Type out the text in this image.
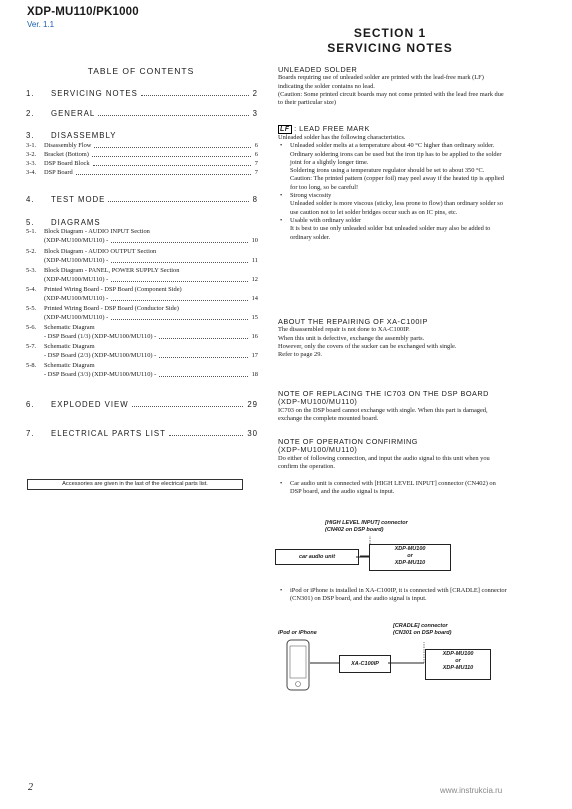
XDP-MU110/PK1000
Ver. 1.1
SECTION 1
SERVICING NOTES
TABLE OF CONTENTS
1. SERVICING NOTES	2
2. GENERAL	3
3. DISASSEMBLY
3-1. Disassembly Flow	6
3-2. Bracket (Bottom)	6
3-3. DSP Board Block	7
3-4. DSP Board	7
4. TEST MODE	8
5. DIAGRAMS
5-1. Block Diagram - AUDIO INPUT Section
(XDP-MU100/MU110) -	10
5-2. Block Diagram - AUDIO OUTPUT Section
(XDP-MU100/MU110) -	11
5-3. Block Diagram - PANEL, POWER SUPPLY Section
(XDP-MU100/MU110) -	12
5-4. Printed Wiring Board - DSP Board (Component Side)
(XDP-MU100/MU110) -	14
5-5. Printed Wiring Board - DSP Board (Conductor Side)
(XDP-MU100/MU110) -	15
5-6. Schematic Diagram
- DSP Board (1/3) (XDP-MU100/MU110) -	16
5-7. Schematic Diagram
- DSP Board (2/3) (XDP-MU100/MU110) -	17
5-8. Schematic Diagram
- DSP Board (3/3) (XDP-MU100/MU110) -	18
6. EXPLODED VIEW	29
7. ELECTRICAL PARTS LIST	30
Accessories are given in the last of the electrical parts list.
UNLEADED SOLDER

Boards requiring use of unleaded solder are printed with the lead-free mark (LF) indicating the solder contains no lead.

(Caution: Some printed circuit boards may not come printed with the lead free mark due to their particular size)

LF : LEAD FREE MARK

Unleaded solder has the following characteristics.

• Unleaded solder melts at a temperature about 40 °C higher than ordinary solder.

Ordinary soldering irons can be used but the iron tip has to be applied to the solder joint for a slightly longer time.

Soldering irons using a temperature regulator should be set to about 350 °C.

Caution: The printed pattern (copper foil) may peel away if the heated tip is applied for too long, so be careful!

• Strong viscosity

Unleaded solder is more viscous (sticky, less prone to flow) than ordinary solder so use caution not to let solder bridges occur such as on IC pins, etc.

• Usable with ordinary solder

It is best to use only unleaded solder but unleaded solder may also be added to ordinary solder.

ABOUT THE REPAIRING OF XA-C100IP

The disassembled repair is not done to XA-C100IP.

When this unit is defective, exchange the assembly parts.

However, only the covers of the sucker can be exchanged with single.

Refer to page 29.

NOTE OF REPLACING THE IC703 ON THE DSP BOARD (XDP-MU100/MU110)

IC703 on the DSP board cannot exchange with single. When this part is damaged, exchange the complete mounted board.

NOTE OF OPERATION CONFIRMING
(XDP-MU100/MU110)

Do either of following connection, and input the audio signal to this unit when you confirm the operation.

• Car audio unit is connected with [HIGH LEVEL INPUT] connector (CN402) on DSP board, and the audio signal is input.

[HIGH LEVEL INPUT] connector
(CN402 on DSP board)
car audio unit
XDP-MU100
or
XDP-MU110

• iPod or iPhone is installed in XA-C100IP, it is connected with [CRADLE] connector (CN301) on DSP board, and the audio signal is input.

iPod or iPhone
[CRADLE] connector
(CN301 on DSP board)
XA-C100IP
XDP-MU100
or
XDP-MU110
2	www.instrukcia.ru
